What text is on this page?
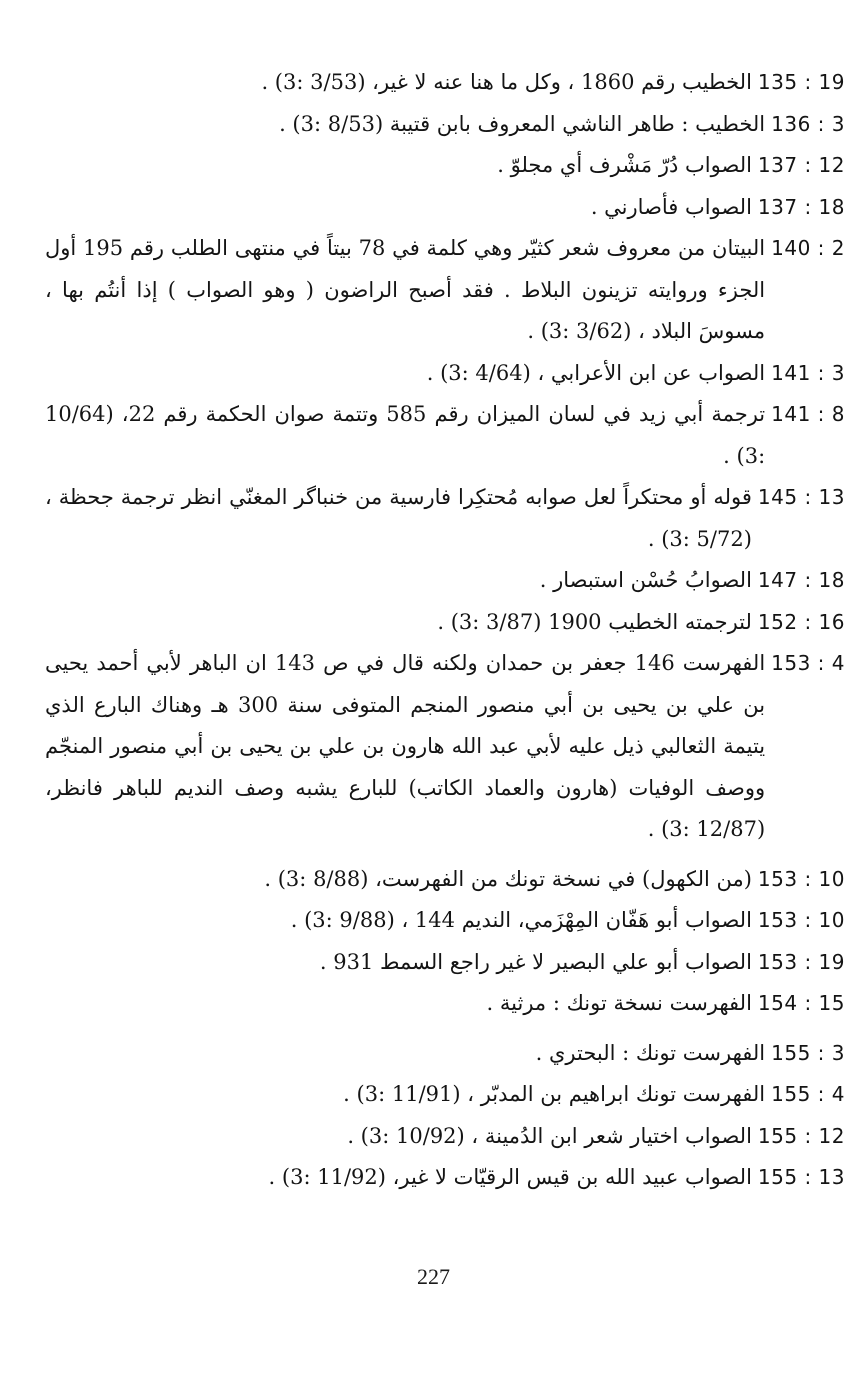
135 : 19
الخطيب رقم 1860 ، وكل ما هنا عنه لا غير، (3/53 :3) .

136 : 3
الخطيب : طاهر الناشي المعروف بابن قتيبة (8/53 :3) .

137 : 12
الصواب دُرّ مَشْرف أي مجلوّ .

137 : 18
الصواب فأصارني .

140 : 2
البيتان من معروف شعر كثيّر وهي كلمة في 78 بيتاً في منتهى الطلب رقم 195 أول الجزء وروايته تزينون البلاط . فقد أصبح الراضون ( وهو الصواب ) إذا أنتُم بها ، مسوسَ البلاد ، (3/62 :3) .

141 : 3
الصواب عن ابن الأعرابي ، (4/64 :3) .

141 : 8
ترجمة أبي زيد في لسان الميزان رقم 585 وتتمة صوان الحكمة رقم 22، (10/64 :3) .

145 : 13
قوله أو محتكراً لعل صوابه مُحتكِرا فارسية من خنباگر المغنّي انظر ترجمة جحظة ، (5/72 :3) .

147 : 18
الصوابُ حُسْن استبصار .

152 : 16
لترجمته الخطيب 1900 (3/87 :3) .

153 : 4
الفهرست 146 جعفر بن حمدان ولكنه قال في ص 143 ان الباهر لأبي أحمد يحيى بن علي بن يحيى بن أبي منصور المنجم المتوفى سنة 300 هـ وهناك البارع الذي يتيمة الثعالبي ذيل عليه لأبي عبد الله هارون بن علي بن يحيى بن أبي منصور المنجّم ووصف الوفيات (هارون والعماد الكاتب) للبارع يشبه وصف النديم للباهر فانظر، (12/87 :3) .

153 : 10
(من الكهول) في نسخة تونك من الفهرست، (8/88 :3) .

153 : 10
الصواب أبو هَفّان المِهْزَمي، النديم 144 ، (9/88 :3) .

153 : 19
الصواب أبو علي البصير لا غير راجع السمط 931 .

154 : 15
الفهرست نسخة تونك : مرثية .

155 : 3
الفهرست تونك : البحتري .

155 : 4
الفهرست تونك ابراهيم بن المدبّر ، (11/91 :3) .

155 : 12
الصواب اختيار شعر ابن الدُمينة ، (10/92 :3) .

155 : 13
الصواب عبيد الله بن قيس الرقيّات لا غير، (11/92 :3) .

227
